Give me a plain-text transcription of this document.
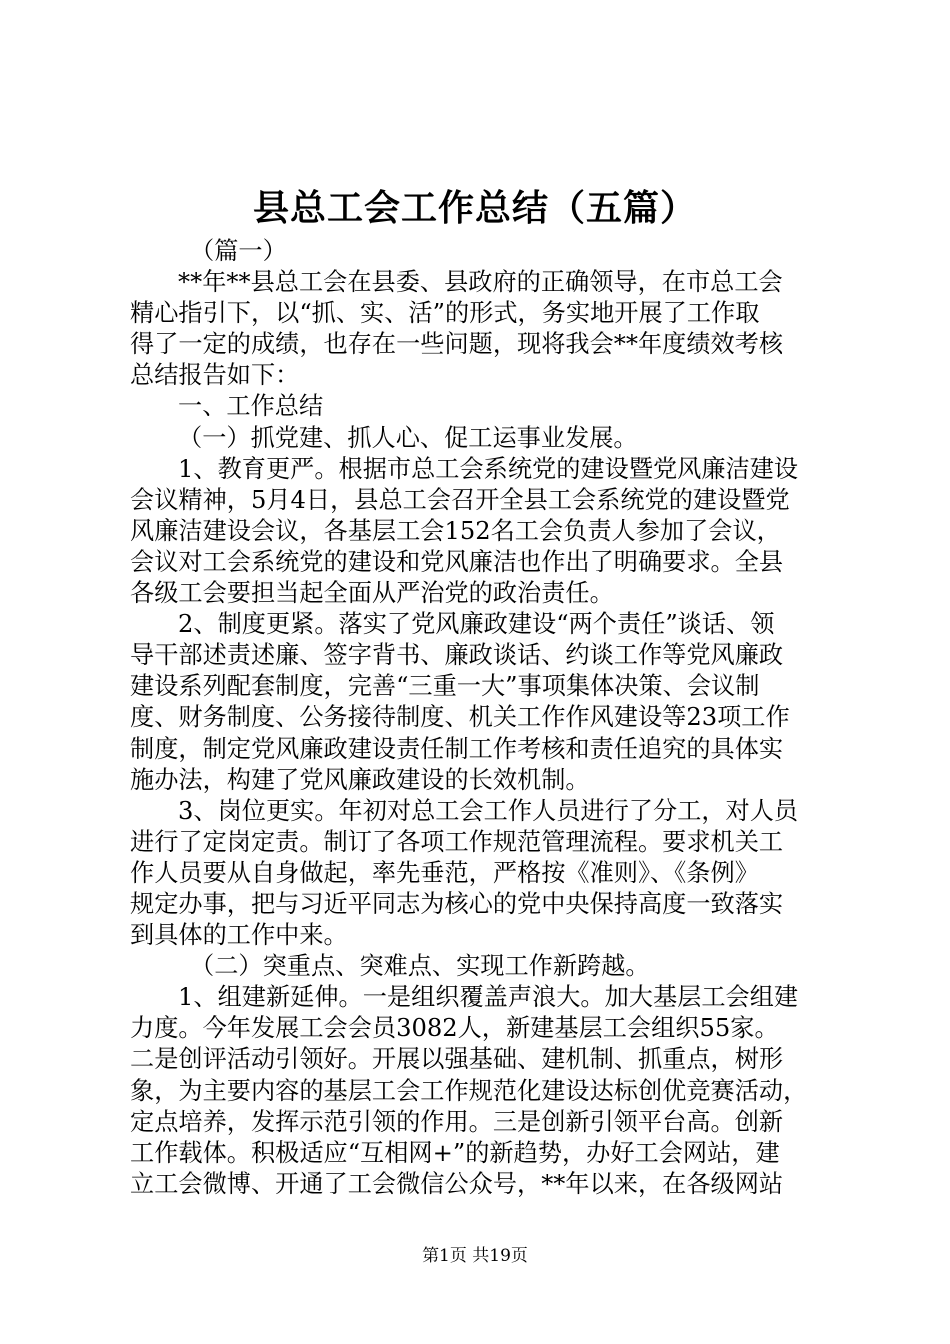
县总工会工作总结（五篇）
（篇一）
**年**县总工会在县委、县政府的正确领导，在市总工会
精心指引下，以“抓、实、活”的形式，务实地开展了工作取
得了一定的成绩，也存在一些问题，现将我会**年度绩效考核
总结报告如下：
一、工作总结
（一）抓党建、抓人心、促工运事业发展。
1、教育更严。根据市总工会系统党的建设暨党风廉洁建设
会议精神，5月4日，县总工会召开全县工会系统党的建设暨党
风廉洁建设会议，各基层工会152名工会负责人参加了会议，
会议对工会系统党的建设和党风廉洁也作出了明确要求。全县
各级工会要担当起全面从严治党的政治责任。
2、制度更紧。落实了党风廉政建设“两个责任”谈话、领
导干部述责述廉、签字背书、廉政谈话、约谈工作等党风廉政
建设系列配套制度，完善“三重一大”事项集体决策、会议制
度、财务制度、公务接待制度、机关工作作风建设等23项工作
制度，制定党风廉政建设责任制工作考核和责任追究的具体实
施办法，构建了党风廉政建设的长效机制。
3、岗位更实。年初对总工会工作人员进行了分工，对人员
进行了定岗定责。制订了各项工作规范管理流程。要求机关工
作人员要从自身做起，率先垂范，严格按《准则》、《条例》
规定办事，把与习近平同志为核心的党中央保持高度一致落实
到具体的工作中来。
（二）突重点、突难点、实现工作新跨越。
1、组建新延伸。一是组织覆盖声浪大。加大基层工会组建
力度。今年发展工会会员3082人，新建基层工会组织55家。
二是创评活动引领好。开展以强基础、建机制、抓重点，树形
象，为主要内容的基层工会工作规范化建设达标创优竞赛活动，
定点培养，发挥示范引领的作用。三是创新引领平台高。创新
工作载体。积极适应“互相网+”的新趋势，办好工会网站，建
立工会微博、开通了工会微信公众号，**年以来，在各级网站
第1页 共19页
